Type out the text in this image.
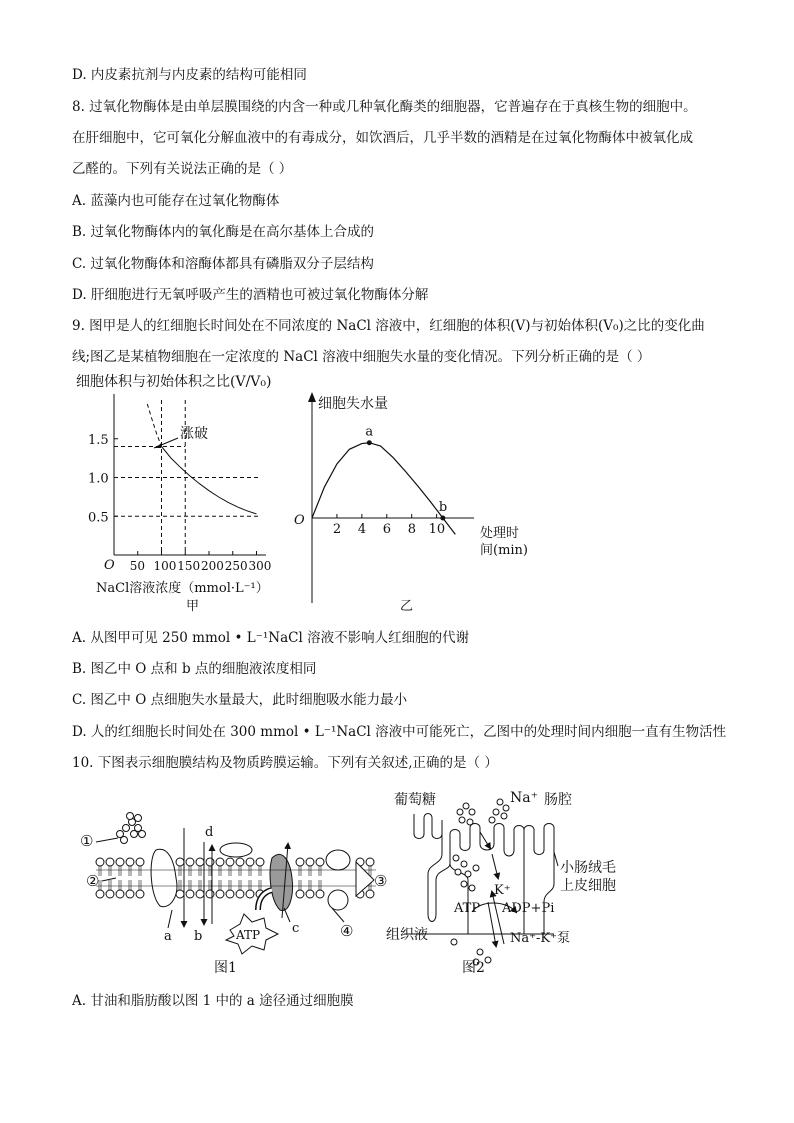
D. 内皮素抗剂与内皮素的结构可能相同
8. 过氧化物酶体是由单层膜围绕的内含一种或几种氧化酶类的细胞器，它普遍存在于真核生物的细胞中。
在肝细胞中，它可氧化分解血液中的有毒成分，如饮酒后，几乎半数的酒精是在过氧化物酶体中被氧化成
乙醛的。下列有关说法正确的是（ ）
A. 蓝藻内也可能存在过氧化物酶体
B. 过氧化物酶体内的氧化酶是在高尔基体上合成的
C. 过氧化物酶体和溶酶体都具有磷脂双分子层结构
D. 肝细胞进行无氧呼吸产生的酒精也可被过氧化物酶体分解
9. 图甲是人的红细胞长时间处在不同浓度的 NaCl 溶液中，红细胞的体积(V)与初始体积(V₀)之比的变化曲
线;图乙是某植物细胞在一定浓度的 NaCl 溶液中细胞失水量的变化情况。下列分析正确的是（ ）
细胞体积与初始体积之比(V/V₀)
50 100 150 200 250 300
0.5
1.0
1.5	涨破
O
NaCl溶液浓度（mmol·L⁻¹）
甲
细胞失水量
2 4 6 8 10
a
b
O
处理时
间(min)
乙
A. 从图甲可见 250 mmol • L⁻¹NaCl 溶液不影响人红细胞的代谢
B. 图乙中 O 点和 b 点的细胞液浓度相同
C. 图乙中 O 点细胞失水量最大，此时细胞吸水能力最小
D. 人的红细胞长时间处在 300 mmol • L⁻¹NaCl 溶液中可能死亡，乙图中的处理时间内细胞一直有生物活性
10. 下图表示细胞膜结构及物质跨膜运输。下列有关叙述,正确的是（ ）
ATP
①
②	③
④
a b
c
d
图1
葡萄糖	Na⁺ 肠腔
K⁺
ATP ADP+Pi
组织液	Na⁺-K⁺泵
小肠绒毛
上皮细胞
图2
A. 甘油和脂肪酸以图 1 中的 a 途径通过细胞膜
